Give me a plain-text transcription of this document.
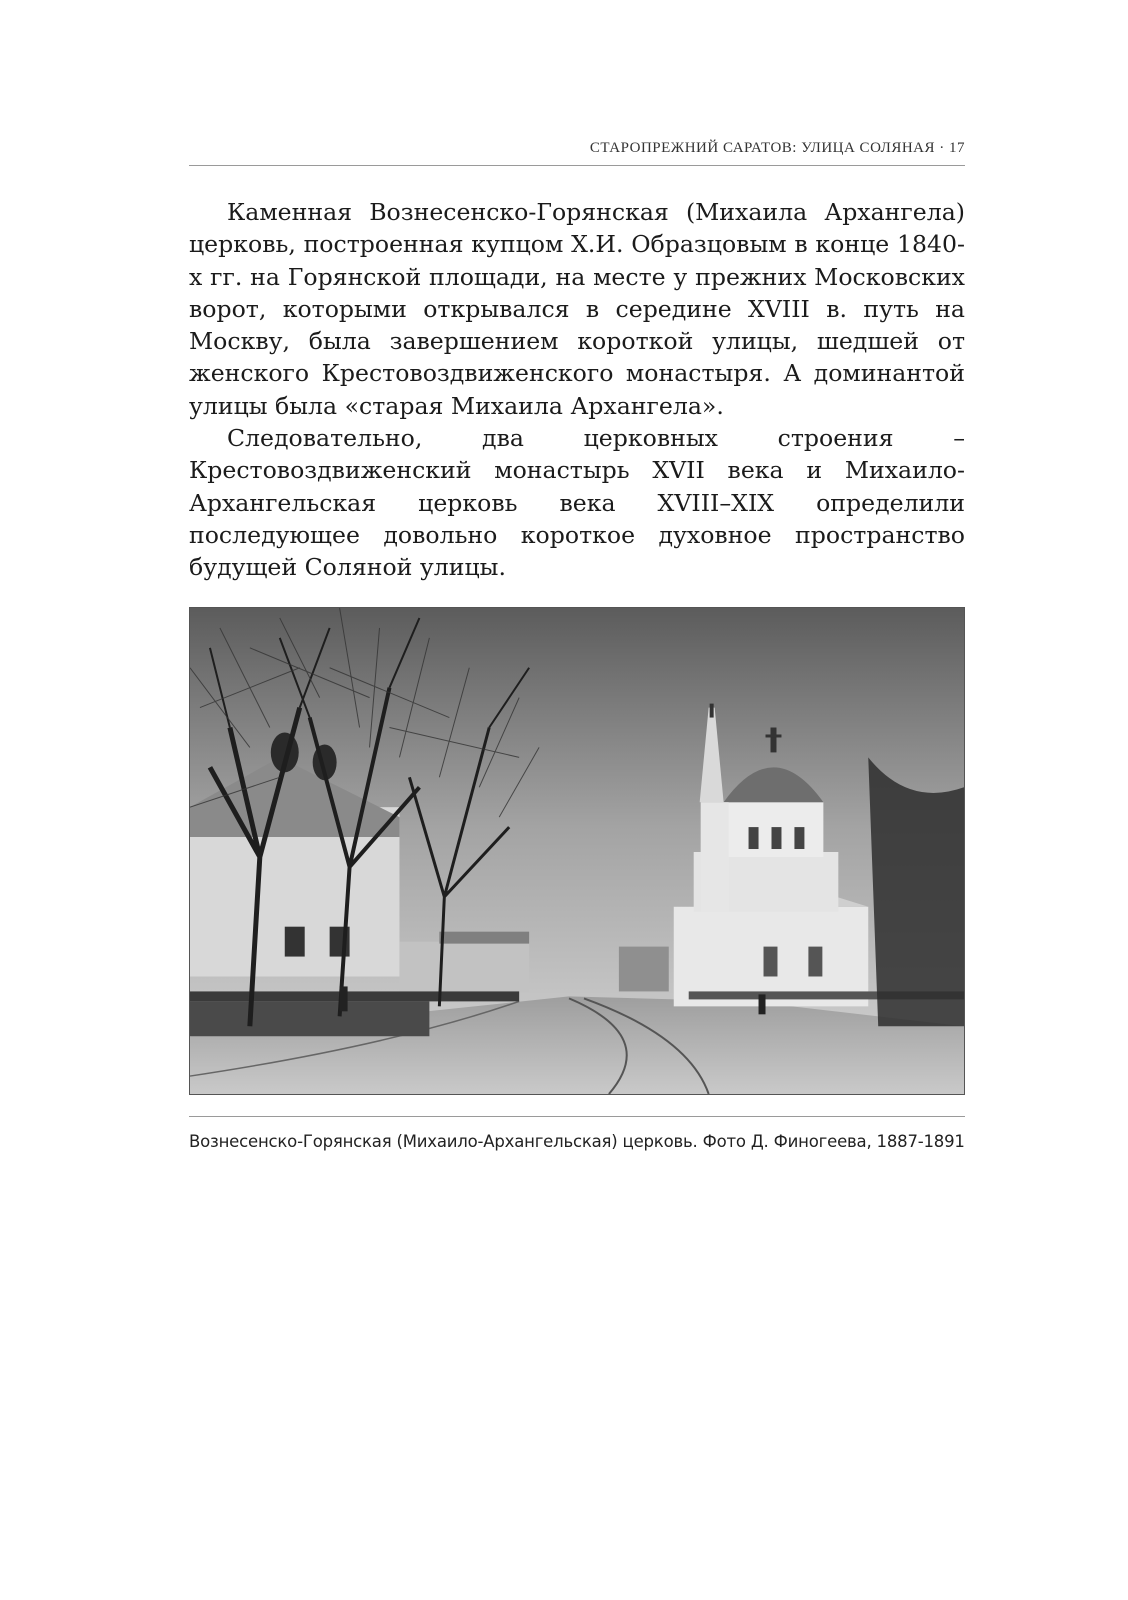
СТАРОПРЕЖНИЙ САРАТОВ: УЛИЦА СОЛЯНАЯ · 17

Каменная Вознесенско-Горянская (Михаила Архангела) церковь, построенная купцом Х.И. Образцовым в конце 1840-х гг. на Горянской площади, на месте у прежних Московских ворот, которыми открывался в середине XVIII в. путь на Москву, была завершением короткой улицы, шедшей от женского Крестовоздвиженского монастыря. А доминантой улицы была «старая Михаила Архангела».

Следовательно, два церковных строения – Крестовоздвиженский монастырь XVII века и Михаило-Архангельская церковь века XVIII–XIX определили последующее довольно короткое духовное пространство будущей Соляной улицы.

Вознесенско-Горянская (Михаило-Архангельская) церковь. Фото Д. Финогеева, 1887-1891
